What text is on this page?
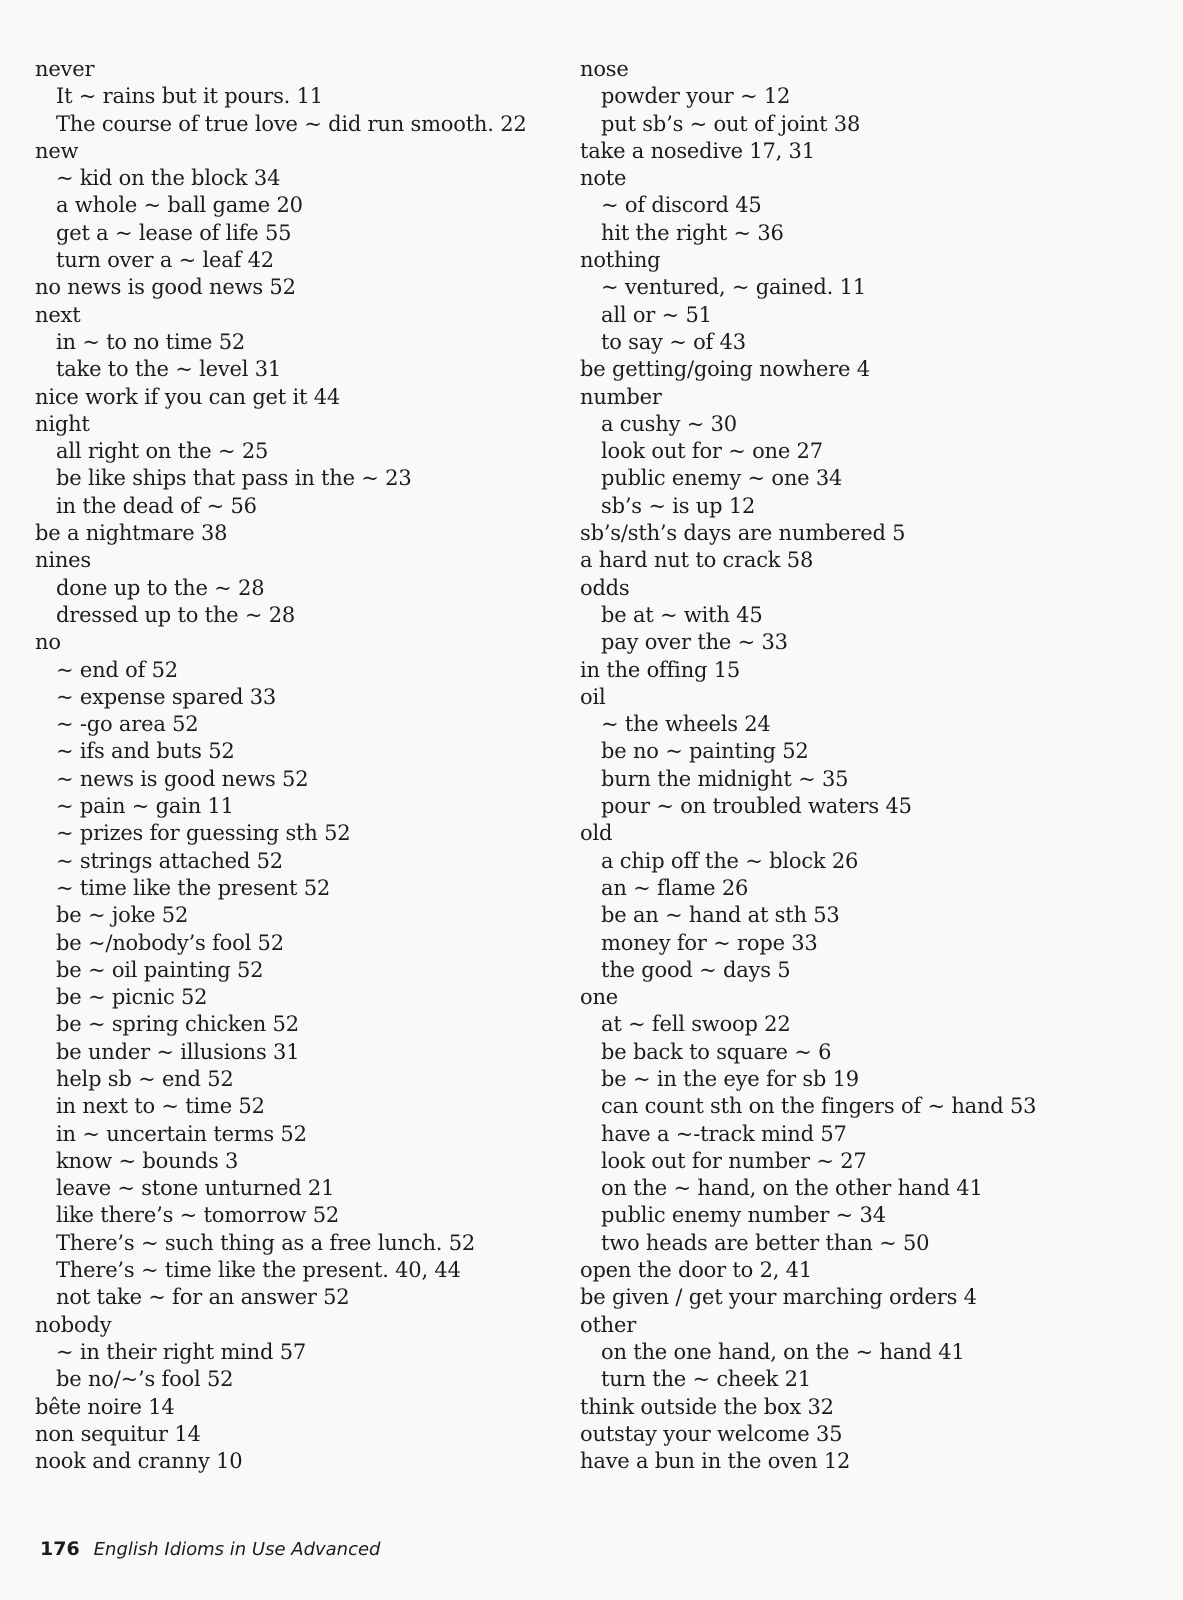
never
It ~ rains but it pours. 11
The course of true love ~ did run smooth. 22
new
~ kid on the block 34
a whole ~ ball game 20
get a ~ lease of life 55
turn over a ~ leaf 42
no news is good news 52
next
in ~ to no time 52
take to the ~ level 31
nice work if you can get it 44
night
all right on the ~ 25
be like ships that pass in the ~ 23
in the dead of ~ 56
be a nightmare 38
nines
done up to the ~ 28
dressed up to the ~ 28
no
~ end of 52
~ expense spared 33
~ -go area 52
~ ifs and buts 52
~ news is good news 52
~ pain ~ gain 11
~ prizes for guessing sth 52
~ strings attached 52
~ time like the present 52
be ~ joke 52
be ~/nobody’s fool 52
be ~ oil painting 52
be ~ picnic 52
be ~ spring chicken 52
be under ~ illusions 31
help sb ~ end 52
in next to ~ time 52
in ~ uncertain terms 52
know ~ bounds 3
leave ~ stone unturned 21
like there’s ~ tomorrow 52
There’s ~ such thing as a free lunch. 52
There’s ~ time like the present. 40, 44
not take ~ for an answer 52
nobody
~ in their right mind 57
be no/~’s fool 52
bête noire 14
non sequitur 14
nook and cranny 10
nose
powder your ~ 12
put sb’s ~ out of joint 38
take a nosedive 17, 31
note
~ of discord 45
hit the right ~ 36
nothing
~ ventured, ~ gained. 11
all or ~ 51
to say ~ of 43
be getting/going nowhere 4
number
a cushy ~ 30
look out for ~ one 27
public enemy ~ one 34
sb’s ~ is up 12
sb’s/sth’s days are numbered 5
a hard nut to crack 58
odds
be at ~ with 45
pay over the ~ 33
in the offing 15
oil
~ the wheels 24
be no ~ painting 52
burn the midnight ~ 35
pour ~ on troubled waters 45
old
a chip off the ~ block 26
an ~ flame 26
be an ~ hand at sth 53
money for ~ rope 33
the good ~ days 5
one
at ~ fell swoop 22
be back to square ~ 6
be ~ in the eye for sb 19
can count sth on the fingers of ~ hand 53
have a ~-track mind 57
look out for number ~ 27
on the ~ hand, on the other hand 41
public enemy number ~ 34
two heads are better than ~ 50
open the door to 2, 41
be given / get your marching orders 4
other
on the one hand, on the ~ hand 41
turn the ~ cheek 21
think outside the box 32
outstay your welcome 35
have a bun in the oven 12
176 English Idioms in Use Advanced
